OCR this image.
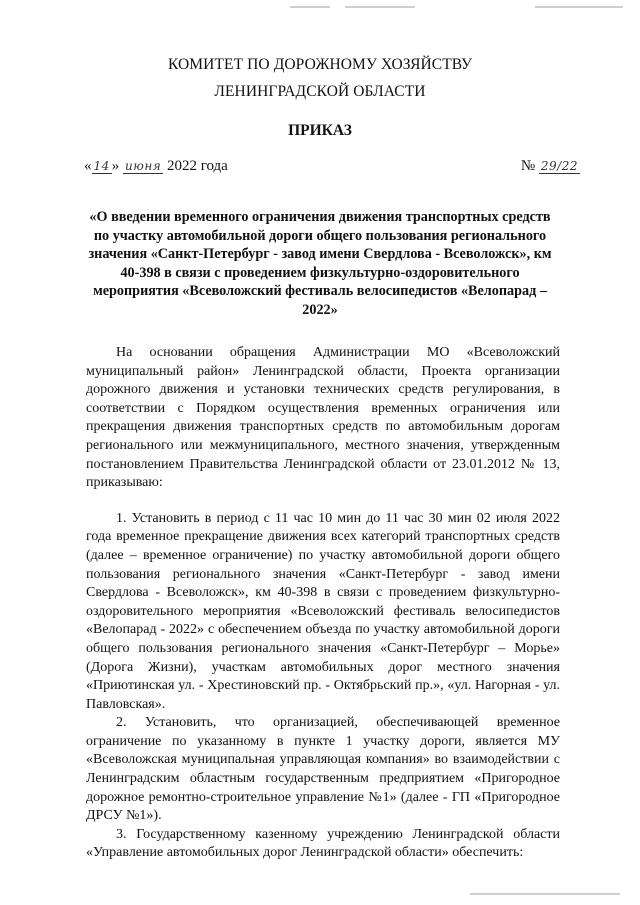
КОМИТЕТ ПО ДОРОЖНОМУ ХОЗЯЙСТВУ
ЛЕНИНГРАДСКОЙ ОБЛАСТИ
ПРИКАЗ
« 14 » июня 2022 года	№ 29/22
«О введении временного ограничения движения транспортных средств по участку автомобильной дороги общего пользования регионального значения «Санкт-Петербург - завод имени Свердлова - Всеволожск», км 40-398 в связи с проведением физкультурно-оздоровительного мероприятия «Всеволожский фестиваль велосипедистов «Велопарад – 2022»

На основании обращения Администрации МО «Всеволожский муниципальный район» Ленинградской области, Проекта организации дорожного движения и установки технических средств регулирования, в соответствии с Порядком осуществления временных ограничения или прекращения движения транспортных средств по автомобильным дорогам регионального или межмуниципального, местного значения, утвержденным постановлением Правительства Ленинградской области от 23.01.2012 № 13, приказываю:

1. Установить в период с 11 час 10 мин до 11 час 30 мин 02 июля 2022 года временное прекращение движения всех категорий транспортных средств (далее – временное ограничение) по участку автомобильной дороги общего пользования регионального значения «Санкт-Петербург - завод имени Свердлова - Всеволожск», км 40-398 в связи с проведением физкультурно-оздоровительного мероприятия «Всеволожский фестиваль велосипедистов «Велопарад - 2022» с обеспечением объезда по участку автомобильной дороги общего пользования регионального значения «Санкт-Петербург – Морье» (Дорога Жизни), участкам автомобильных дорог местного значения «Приютинская ул. - Хрестиновский пр. - Октябрьский пр.», «ул. Нагорная - ул. Павловская».

2. Установить, что организацией, обеспечивающей временное ограничение по указанному в пункте 1 участку дороги, является МУ «Всеволожская муниципальная управляющая компания» во взаимодействии с Ленинградским областным государственным предприятием «Пригородное дорожное ремонтно-строительное управление №1» (далее - ГП «Пригородное ДРСУ №1»).

3. Государственному казенному учреждению Ленинградской области «Управление автомобильных дорог Ленинградской области» обеспечить:
